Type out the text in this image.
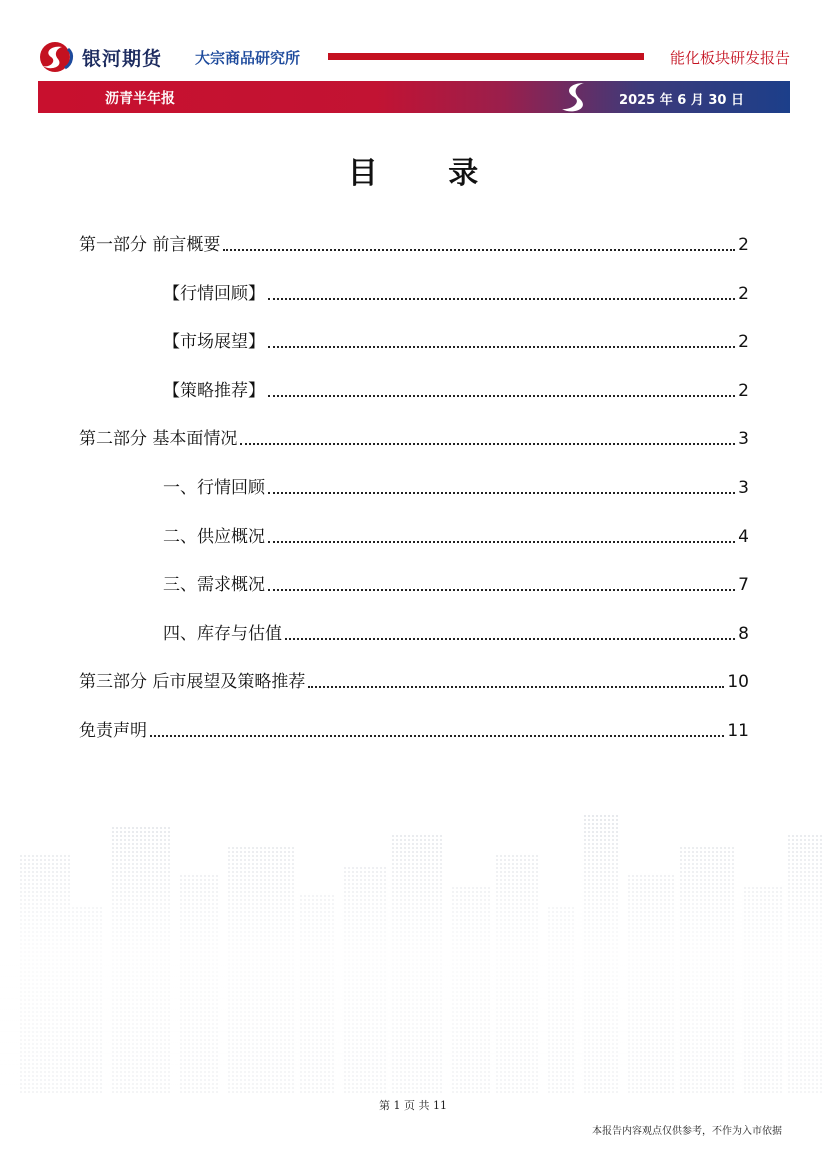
银河期货 大宗商品研究所	能化板块研发报告
沥青半年报	2025 年 6 月 30 日
目 录
第一部分 前言概要	2
【行情回顾】	2
【市场展望】	2
【策略推荐】	2
第二部分 基本面情况	3
一、行情回顾	3
二、供应概况	4
三、需求概况	7
四、库存与估值	8
第三部分 后市展望及策略推荐	10
免责声明	11
第 1 页 共 11
本报告内容观点仅供参考，不作为入市依据
